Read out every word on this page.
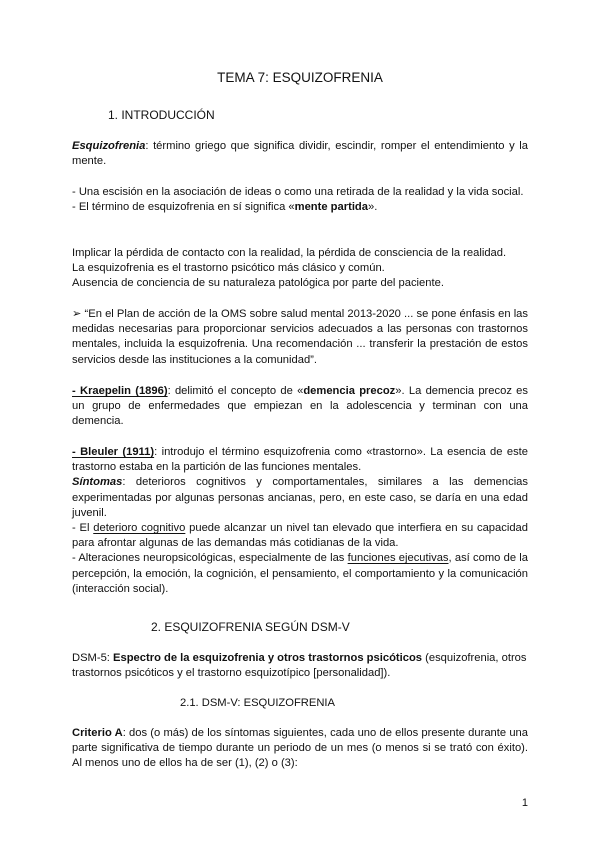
TEMA 7: ESQUIZOFRENIA
1. INTRODUCCIÓN
Esquizofrenia: término griego que significa dividir, escindir, romper el entendimiento y la mente.

- Una escisión en la asociación de ideas o como una retirada de la realidad y la vida social.

- El término de esquizofrenia en sí significa «mente partida».

Implicar la pérdida de contacto con la realidad, la pérdida de consciencia de la realidad.

La esquizofrenia es el trastorno psicótico más clásico y común.

Ausencia de conciencia de su naturaleza patológica por parte del paciente.

➢ “En el Plan de acción de la OMS sobre salud mental 2013-2020 ... se pone énfasis en las medidas necesarias para proporcionar servicios adecuados a las personas con trastornos mentales, incluida la esquizofrenia. Una recomendación ... transferir la prestación de estos servicios desde las instituciones a la comunidad”.
- Kraepelin (1896): delimitó el concepto de «demencia precoz». La demencia precoz es un grupo de enfermedades que empiezan en la adolescencia y terminan con una demencia.

- Bleuler (1911): introdujo el término esquizofrenia como «trastorno». La esencia de este trastorno estaba en la partición de las funciones mentales.

Síntomas: deterioros cognitivos y comportamentales, similares a las demencias experimentadas por algunas personas ancianas, pero, en este caso, se daría en una edad juvenil.

- El deterioro cognitivo puede alcanzar un nivel tan elevado que interfiera en su capacidad para afrontar algunas de las demandas más cotidianas de la vida.

- Alteraciones neuropsicológicas, especialmente de las funciones ejecutivas, así como de la percepción, la emoción, la cognición, el pensamiento, el comportamiento y la comunicación (interacción social).

2. ESQUIZOFRENIA SEGÚN DSM-V
DSM-5: Espectro de la esquizofrenia y otros trastornos psicóticos (esquizofrenia, otros trastornos psicóticos y el trastorno esquizotípico [personalidad]).
2.1. DSM-V: ESQUIZOFRENIA
Criterio A: dos (o más) de los síntomas siguientes, cada uno de ellos presente durante una parte significativa de tiempo durante un periodo de un mes (o menos si se trató con éxito). Al menos uno de ellos ha de ser (1), (2) o (3):
1
